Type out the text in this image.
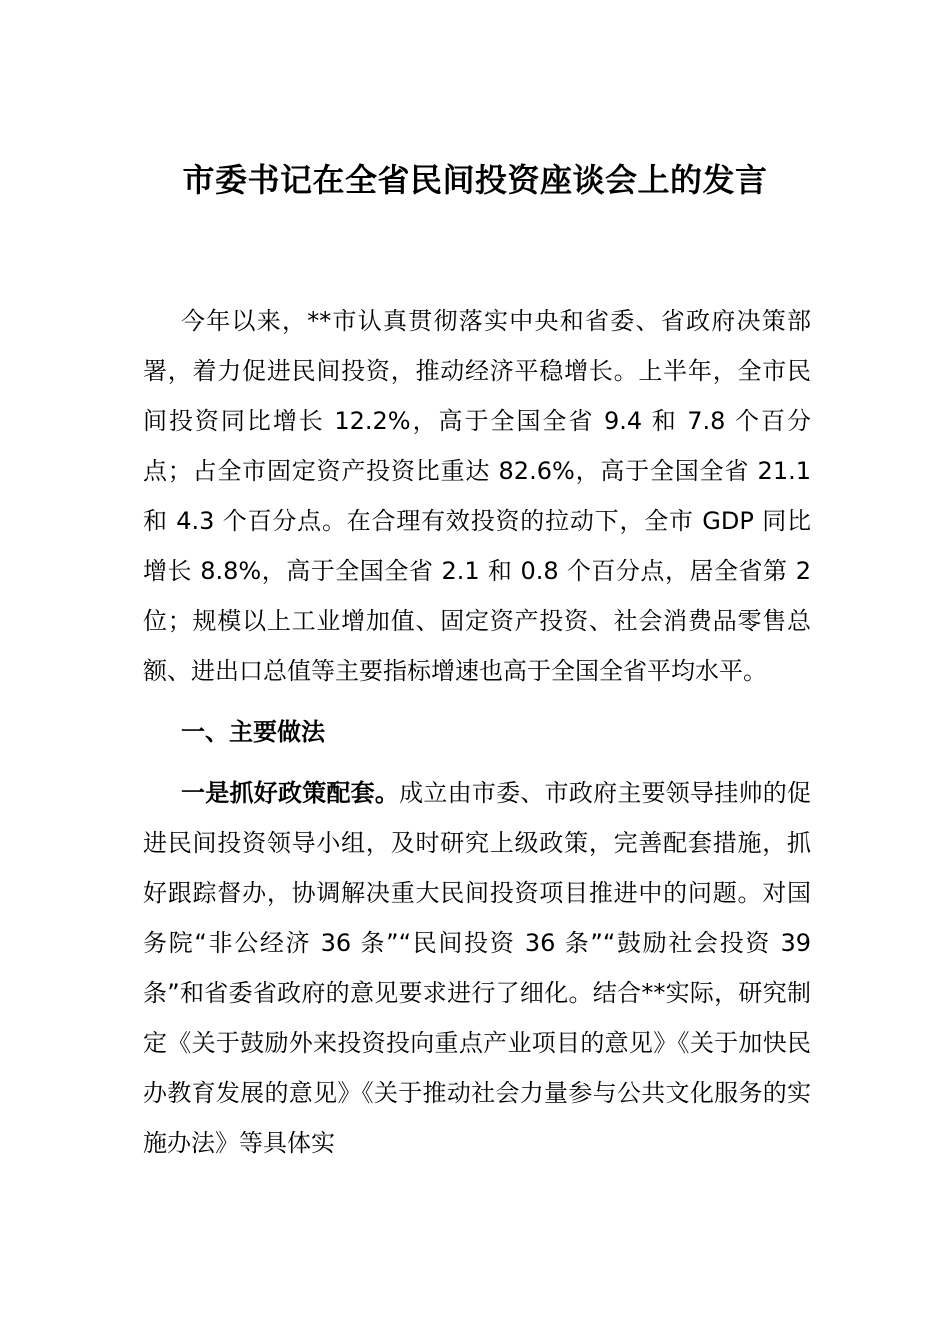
市委书记在全省民间投资座谈会上的发言

今年以来，**市认真贯彻落实中央和省委、省政府决策部署，着力促进民间投资，推动经济平稳增长。上半年，全市民间投资同比增长 12.2%，高于全国全省 9.4 和 7.8 个百分点；占全市固定资产投资比重达 82.6%，高于全国全省 21.1 和 4.3 个百分点。在合理有效投资的拉动下，全市 GDP 同比增长 8.8%，高于全国全省 2.1 和 0.8 个百分点，居全省第 2 位；规模以上工业增加值、固定资产投资、社会消费品零售总额、进出口总值等主要指标增速也高于全国全省平均水平。

一、主要做法

一是抓好政策配套。成立由市委、市政府主要领导挂帅的促进民间投资领导小组，及时研究上级政策，完善配套措施，抓好跟踪督办，协调解决重大民间投资项目推进中的问题。对国务院“非公经济 36 条”“民间投资 36 条”“鼓励社会投资 39 条”和省委省政府的意见要求进行了细化。结合**实际，研究制定《关于鼓励外来投资投向重点产业项目的意见》《关于加快民办教育发展的意见》《关于推动社会力量参与公共文化服务的实施办法》等具体实
